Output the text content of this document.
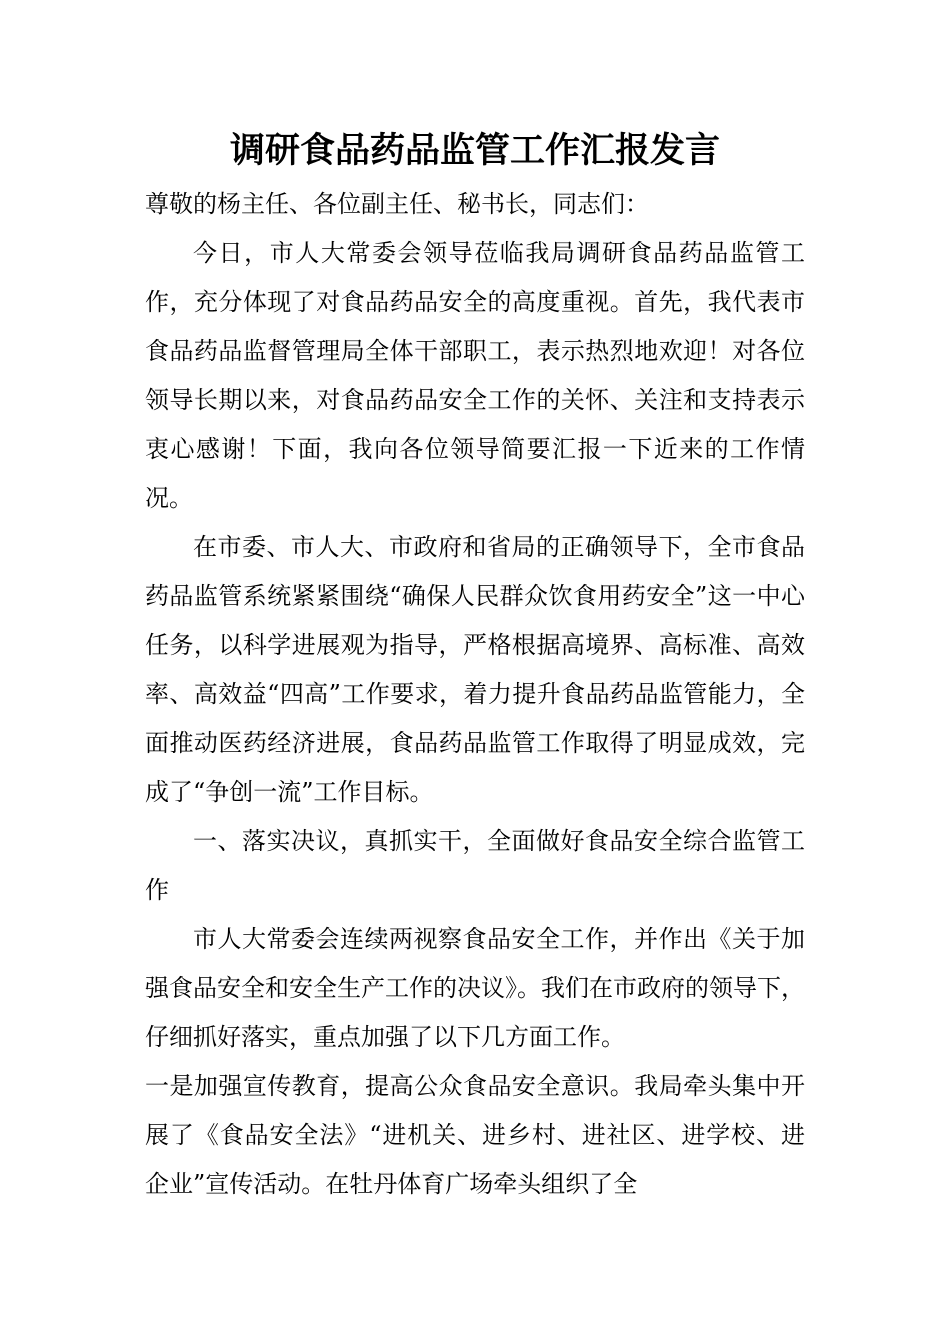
调研食品药品监管工作汇报发言

尊敬的杨主任、各位副主任、秘书长，同志们：

今日，市人大常委会领导莅临我局调研食品药品监管工作，充分体现了对食品药品安全的高度重视。首先，我代表市食品药品监督管理局全体干部职工，表示热烈地欢迎！对各位领导长期以来，对食品药品安全工作的关怀、关注和支持表示衷心感谢！下面，我向各位领导简要汇报一下近来的工作情况。

在市委、市人大、市政府和省局的正确领导下，全市食品药品监管系统紧紧围绕“确保人民群众饮食用药安全”这一中心任务，以科学进展观为指导，严格根据高境界、高标准、高效率、高效益“四高”工作要求，着力提升食品药品监管能力，全面推动医药经济进展，食品药品监管工作取得了明显成效，完成了“争创一流”工作目标。

一、落实决议，真抓实干，全面做好食品安全综合监管工作

市人大常委会连续两视察食品安全工作，并作出《关于加强食品安全和安全生产工作的决议》。我们在市政府的领导下，仔细抓好落实，重点加强了以下几方面工作。

一是加强宣传教育，提高公众食品安全意识。我局牵头集中开展了《食品安全法》“进机关、进乡村、进社区、进学校、进企业”宣传活动。在牡丹体育广场牵头组织了全
